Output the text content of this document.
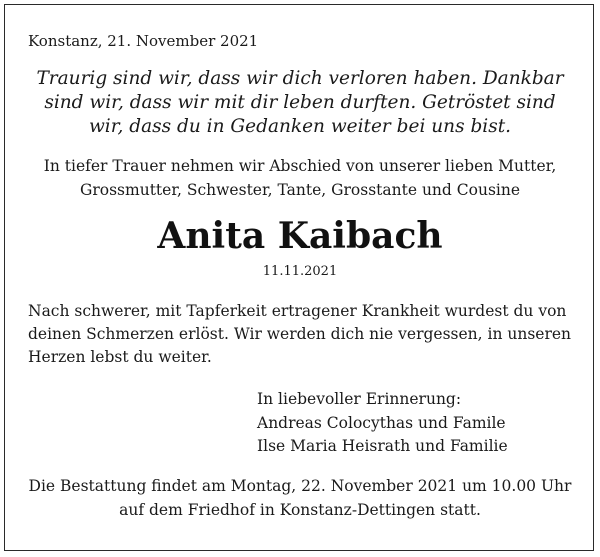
Konstanz, 21. November 2021
Traurig sind wir, dass wir dich verloren haben. Dankbar sind wir, dass wir mit dir leben durften. Getröstet sind wir, dass du in Gedanken weiter bei uns bist.
In tiefer Trauer nehmen wir Abschied von unserer lieben Mutter, Grossmutter, Schwester, Tante, Grosstante und Cousine
Anita Kaibach
11.11.2021
Nach schwerer, mit Tapferkeit ertragener Krankheit wurdest du von deinen Schmerzen erlöst. Wir werden dich nie vergessen, in unseren Herzen lebst du weiter.
In liebevoller Erinnerung:
Andreas Colocythas und Famile
Ilse Maria Heisrath und Familie
Die Bestattung findet am Montag, 22. November 2021 um 10.00 Uhr auf dem Friedhof in Konstanz-Dettingen statt.
